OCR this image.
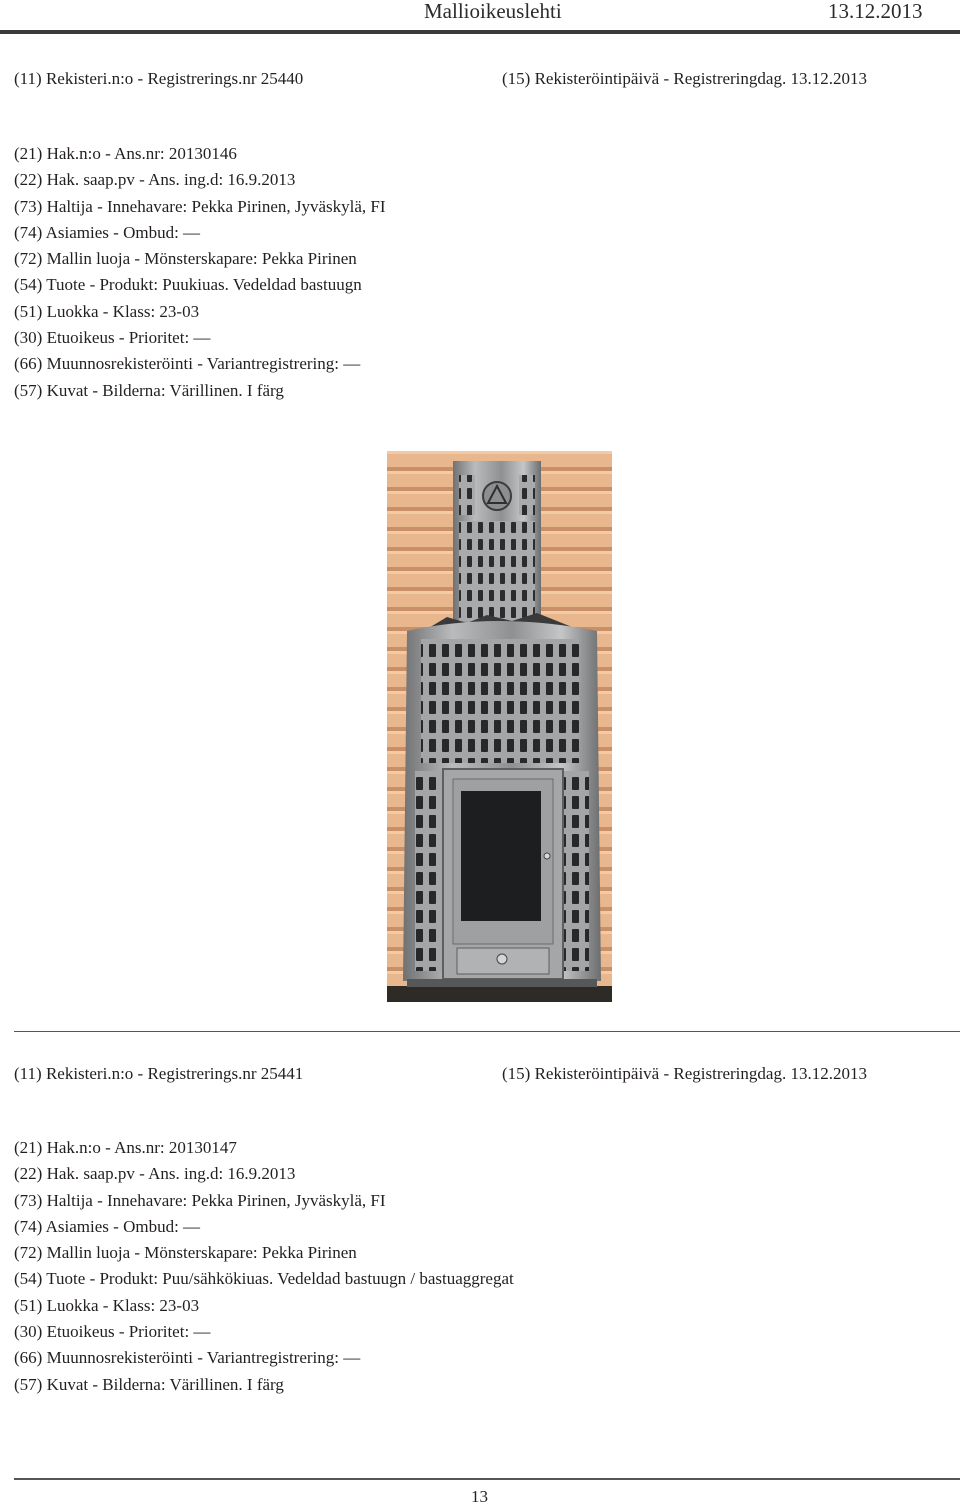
Mallioikeuslehti	13.12.2013
(11) Rekisteri.n:o - Registrerings.nr 25440	(15) Rekisteröintipäivä - Registreringdag. 13.12.2013
(21) Hak.n:o - Ans.nr: 20130146
(22) Hak. saap.pv - Ans. ing.d: 16.9.2013
(73) Haltija - Innehavare: Pekka Pirinen, Jyväskylä, FI
(74) Asiamies - Ombud: —
(72) Mallin luoja - Mönsterskapare: Pekka Pirinen
(54) Tuote - Produkt: Puukiuas. Vedeldad bastuugn
(51) Luokka - Klass: 23-03
(30) Etuoikeus - Prioritet: —
(66) Muunnosrekisteröinti - Variantregistrering: —
(57) Kuvat - Bilderna: Värillinen. I färg
(11) Rekisteri.n:o - Registrerings.nr 25441	(15) Rekisteröintipäivä - Registreringdag. 13.12.2013
(21) Hak.n:o - Ans.nr: 20130147
(22) Hak. saap.pv - Ans. ing.d: 16.9.2013
(73) Haltija - Innehavare: Pekka Pirinen, Jyväskylä, FI
(74) Asiamies - Ombud: —
(72) Mallin luoja - Mönsterskapare: Pekka Pirinen
(54) Tuote - Produkt: Puu/sähkökiuas. Vedeldad bastuugn / bastuaggregat
(51) Luokka - Klass: 23-03
(30) Etuoikeus - Prioritet: —
(66) Muunnosrekisteröinti - Variantregistrering: —
(57) Kuvat - Bilderna: Värillinen. I färg
13
